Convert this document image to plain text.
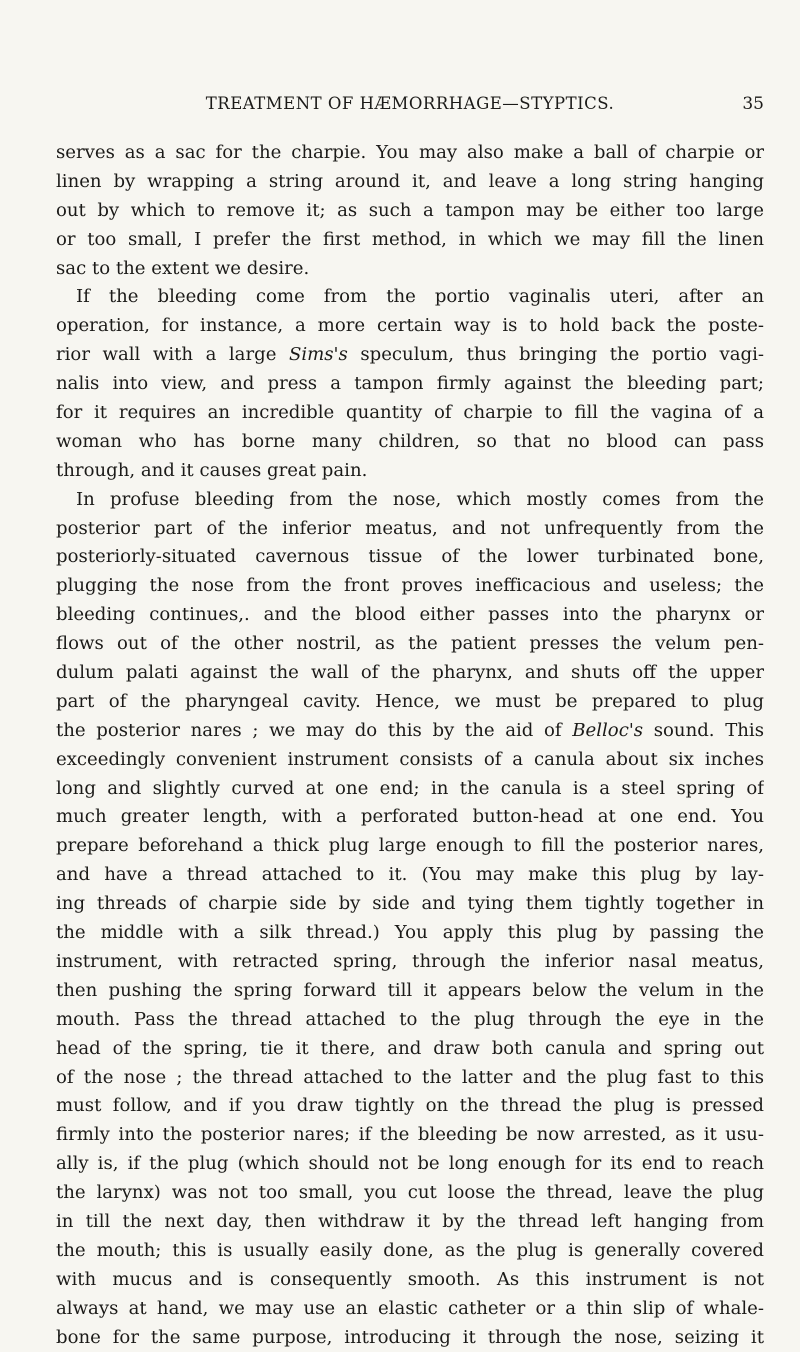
TREATMENT OF HÆMORRHAGE—STYPTICS.	35
serves as a sac for the charpie. You may also make a ball of charpie or
linen by wrapping a string around it, and leave a long string hanging
out by which to remove it; as such a tampon may be either too large
or too small, I prefer the first method, in which we may fill the linen
sac to the extent we desire.
If the bleeding come from the portio vaginalis uteri, after an
operation, for instance, a more certain way is to hold back the poste-
rior wall with a large Sims's speculum, thus bringing the portio vagi-
nalis into view, and press a tampon firmly against the bleeding part;
for it requires an incredible quantity of charpie to fill the vagina of a
woman who has borne many children, so that no blood can pass
through, and it causes great pain.
In profuse bleeding from the nose, which mostly comes from the
posterior part of the inferior meatus, and not unfrequently from the
posteriorly-situated cavernous tissue of the lower turbinated bone,
plugging the nose from the front proves inefficacious and useless; the
bleeding continues,. and the blood either passes into the pharynx or
flows out of the other nostril, as the patient presses the velum pen-
dulum palati against the wall of the pharynx, and shuts off the upper
part of the pharyngeal cavity. Hence, we must be prepared to plug
the posterior nares ; we may do this by the aid of Belloc's sound. This
exceedingly convenient instrument consists of a canula about six inches
long and slightly curved at one end; in the canula is a steel spring of
much greater length, with a perforated button-head at one end. You
prepare beforehand a thick plug large enough to fill the posterior nares,
and have a thread attached to it. (You may make this plug by lay-
ing threads of charpie side by side and tying them tightly together in
the middle with a silk thread.) You apply this plug by passing the
instrument, with retracted spring, through the inferior nasal meatus,
then pushing the spring forward till it appears below the velum in the
mouth. Pass the thread attached to the plug through the eye in the
head of the spring, tie it there, and draw both canula and spring out
of the nose ; the thread attached to the latter and the plug fast to this
must follow, and if you draw tightly on the thread the plug is pressed
firmly into the posterior nares; if the bleeding be now arrested, as it usu-
ally is, if the plug (which should not be long enough for its end to reach
the larynx) was not too small, you cut loose the thread, leave the plug
in till the next day, then withdraw it by the thread left hanging from
the mouth; this is usually easily done, as the plug is generally covered
with mucus and is consequently smooth. As this instrument is not
always at hand, we may use an elastic catheter or a thin slip of whale-
bone for the same purpose, introducing it through the nose, seizing it
